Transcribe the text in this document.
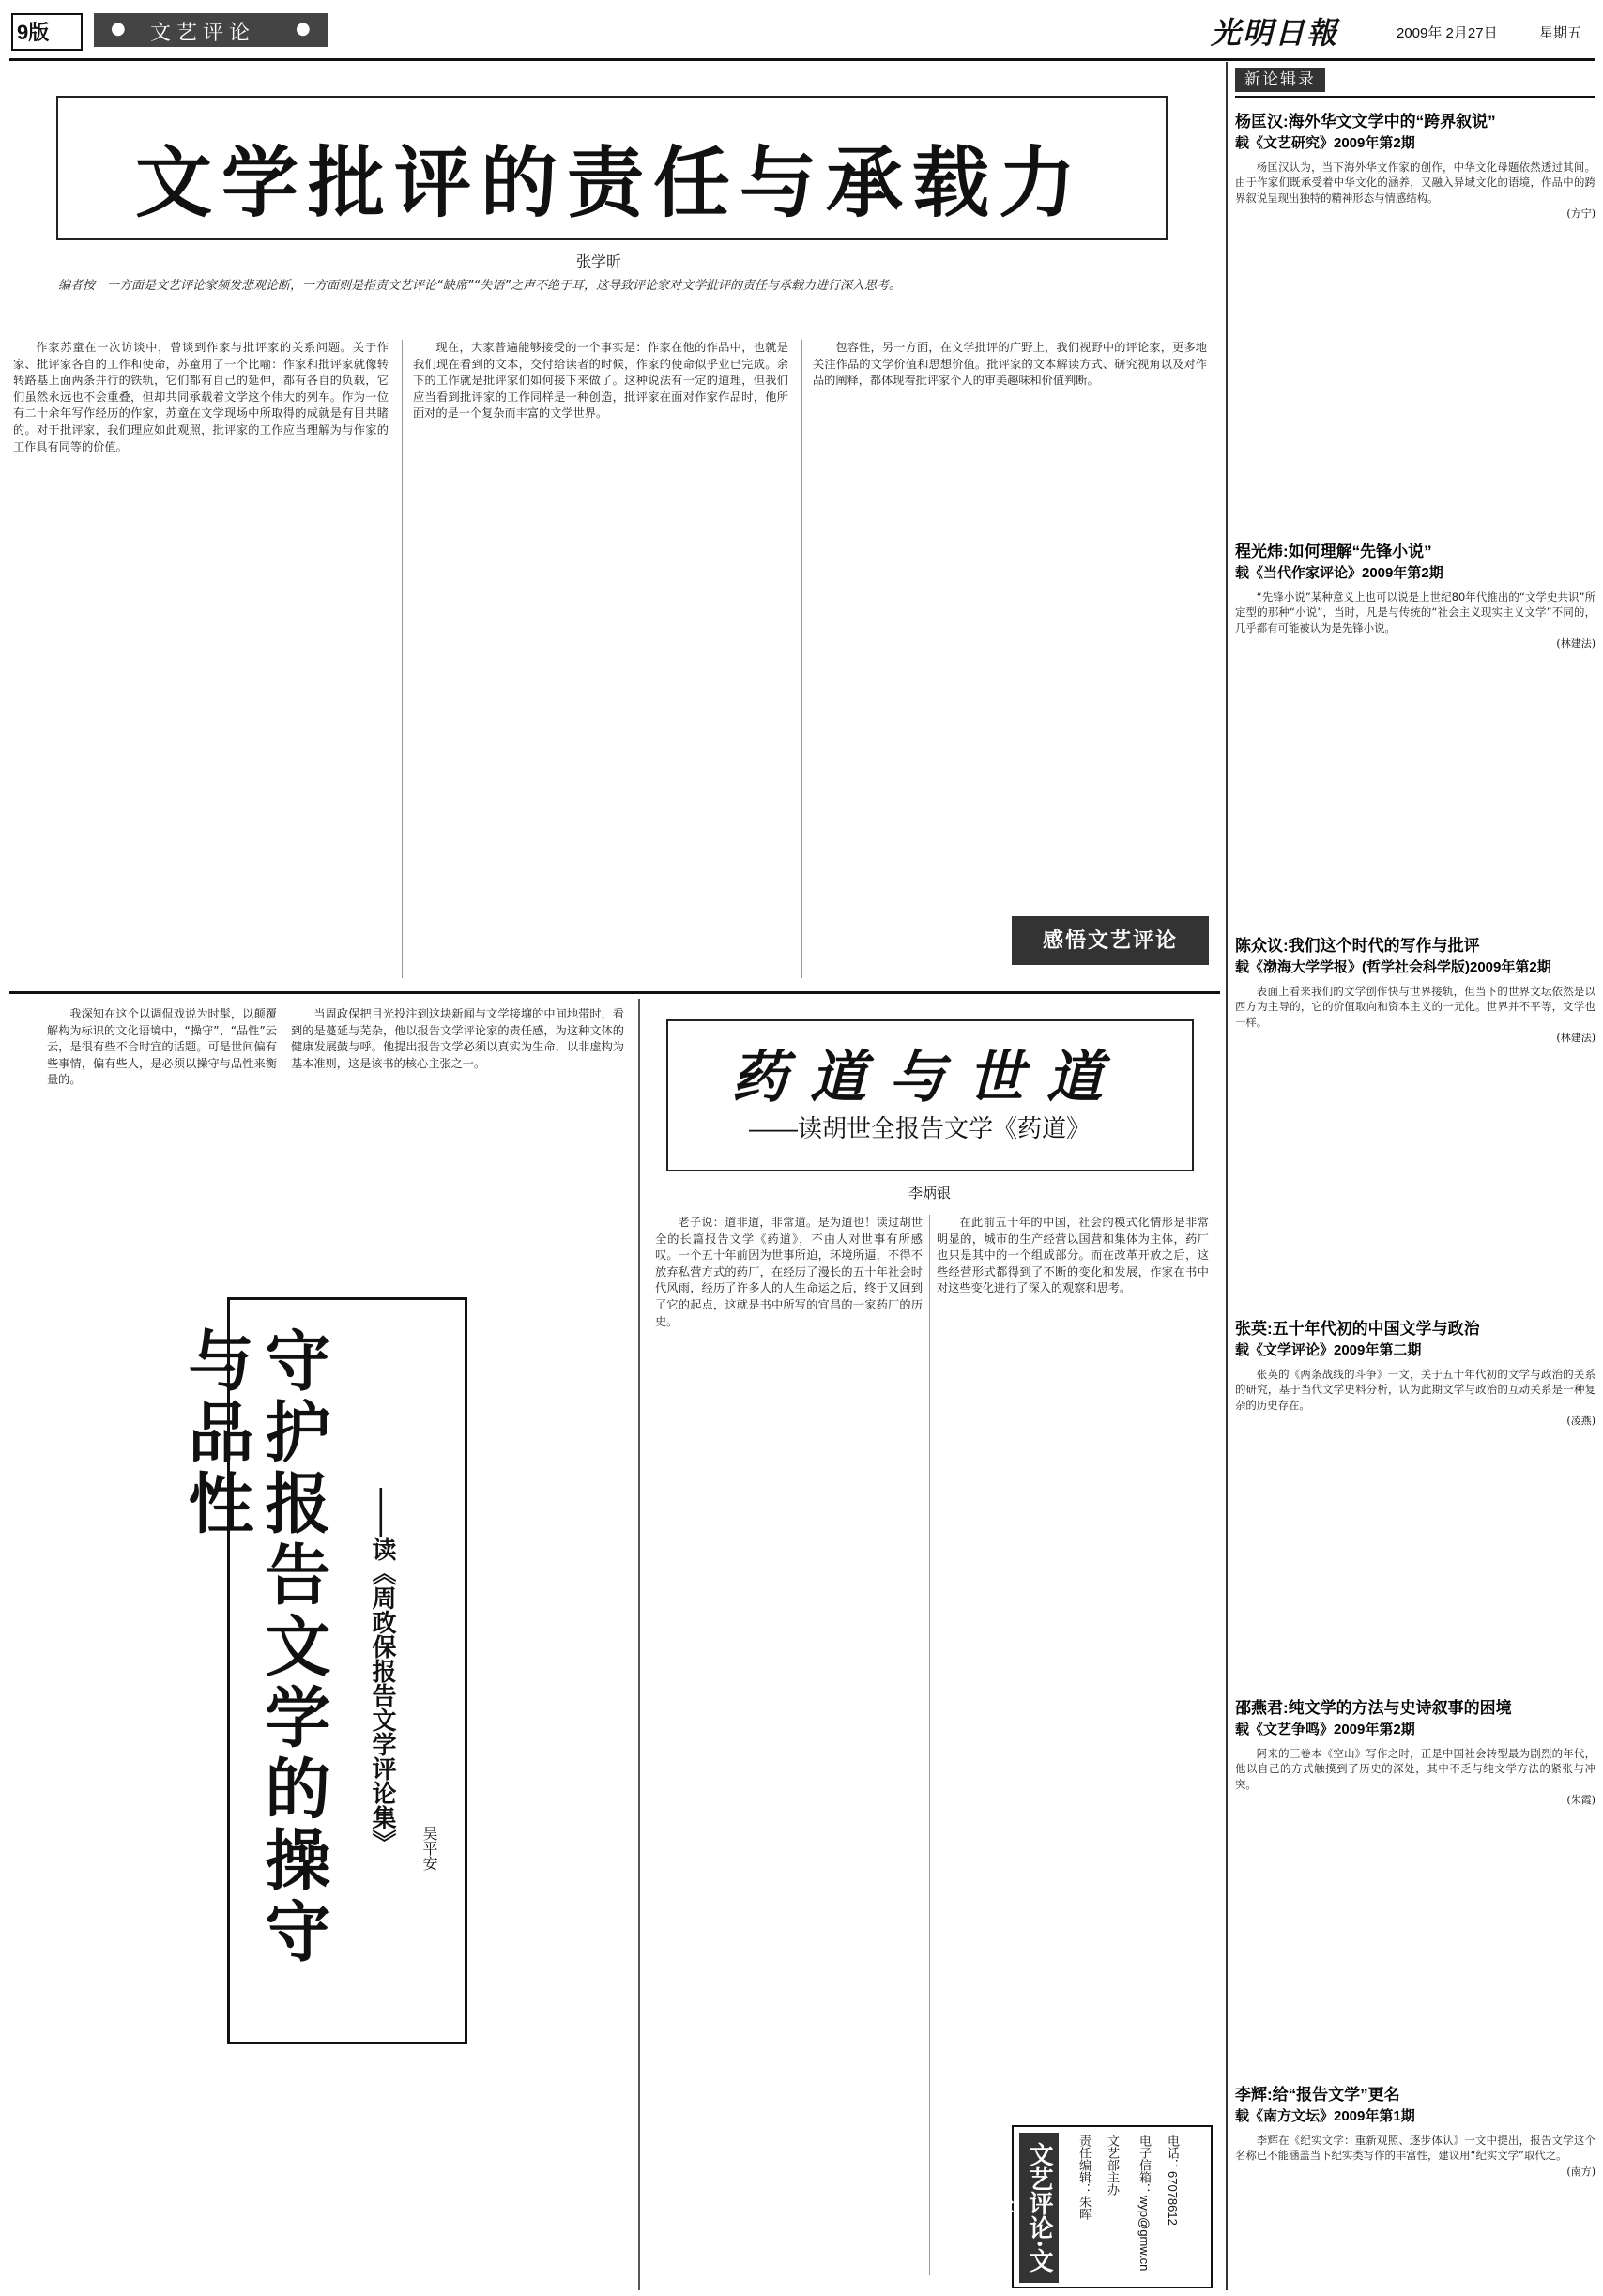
9版	● 文艺评论 ●	光明日報	2009年 2月27日	星期五
文学批评的责任与承载力
张学昕
编者按　一方面是文艺评论家频发悲观论断，一方面则是指责文艺评论“缺席”“失语”之声不绝于耳，这导致评论家对文学批评的责任与承载力进行深入思考。
作家苏童在一次访谈中，曾谈到作家与批评家的关系问题。关于作家、批评家各自的工作和使命，苏童用了一个比喻：作家和批评家就像转转路基上面两条并行的铁轨，它们都有自己的延伸，都有各自的负载，它们虽然永远也不会重叠，但却共同承载着文学这个伟大的列车。作为一位有二十余年写作经历的作家，苏童在文学现场中所取得的成就是有目共睹的。对于批评家，我们理应如此观照，批评家的工作应当理解为与作家的工作具有同等的价值。
现在，大家普遍能够接受的一个事实是：作家在他的作品中，也就是我们现在看到的文本，交付给读者的时候，作家的使命似乎业已完成。余下的工作就是批评家们如何接下来做了。这种说法有一定的道理，但我们应当看到批评家的工作同样是一种创造，批评家在面对作家作品时，他所面对的是一个复杂而丰富的文学世界。
包容性，另一方面，在文学批评的广野上，我们视野中的评论家，更多地关注作品的文学价值和思想价值。批评家的文本解读方式、研究视角以及对作品的阐释，都体现着批评家个人的审美趣味和价值判断。
感悟文艺评论
我深知在这个以调侃戏说为时髦，以颠覆解构为标识的文化语境中，“操守”、“品性”云云，是很有些不合时宜的话题。可是世间偏有些事情，偏有些人，是必须以操守与品性来衡量的。
当周政保把目光投注到这块新闻与文学接壤的中间地带时，看到的是蔓延与芜杂，他以报告文学评论家的责任感，为这种文体的健康发展鼓与呼。他提出报告文学必须以真实为生命，以非虚构为基本准则，这是该书的核心主张之一。
守护报告文学的操守与品性
——读《周政保报告文学评论集》 吴平安
药道与世道
——读胡世全报告文学《药道》
李炳银
老子说：道非道，非常道。是为道也！读过胡世全的长篇报告文学《药道》，不由人对世事有所感叹。一个五十年前因为世事所迫，环境所逼，不得不放弃私营方式的药厂，在经历了漫长的五十年社会时代风雨，经历了许多人的人生命运之后，终于又回到了它的起点，这就是书中所写的宜昌的一家药厂的历史。
在此前五十年的中国，社会的模式化情形是非常明显的，城市的生产经营以国营和集体为主体，药厂也只是其中的一个组成部分。而在改革开放之后，这些经营形式都得到了不断的变化和发展，作家在书中对这些变化进行了深入的观察和思考。
文艺评论·文学	电话：67078612
电子信箱：wyp@gmw.cn
文艺部主办
责任编辑：朱晖
新论辑录
杨匡汉:海外华文文学中的“跨界叙说”
载《文艺研究》2009年第2期
杨匡汉认为，当下海外华文作家的创作，中华文化母题依然透过其间。由于作家们既承受着中华文化的涵养，又融入异域文化的语境，作品中的跨界叙说呈现出独特的精神形态与情感结构。
(方宁)
程光炜:如何理解“先锋小说”
载《当代作家评论》2009年第2期
“先锋小说”某种意义上也可以说是上世纪80年代推出的“文学史共识”所定型的那种“小说”，当时，凡是与传统的“社会主义现实主义文学”不同的，几乎都有可能被认为是先锋小说。
(林建法)
陈众议:我们这个时代的写作与批评
载《渤海大学学报》(哲学社会科学版)2009年第2期
表面上看来我们的文学创作快与世界接轨，但当下的世界文坛依然是以西方为主导的，它的价值取向和资本主义的一元化。世界并不平等，文学也一样。
(林建法)
张英:五十年代初的中国文学与政治
载《文学评论》2009年第二期
张英的《两条战线的斗争》一文，关于五十年代初的文学与政治的关系的研究，基于当代文学史料分析，认为此期文学与政治的互动关系是一种复杂的历史存在。
(凌燕)
邵燕君:纯文学的方法与史诗叙事的困境
载《文艺争鸣》2009年第2期
阿来的三卷本《空山》写作之时，正是中国社会转型最为剧烈的年代，他以自己的方式触摸到了历史的深处，其中不乏与纯文学方法的紧张与冲突。
(朱霞)
李辉:给“报告文学”更名
载《南方文坛》2009年第1期
李辉在《纪实文学：重新观照、逐步体认》一文中提出，报告文学这个名称已不能涵盖当下纪实类写作的丰富性，建议用“纪实文学”取代之。
(南方)
